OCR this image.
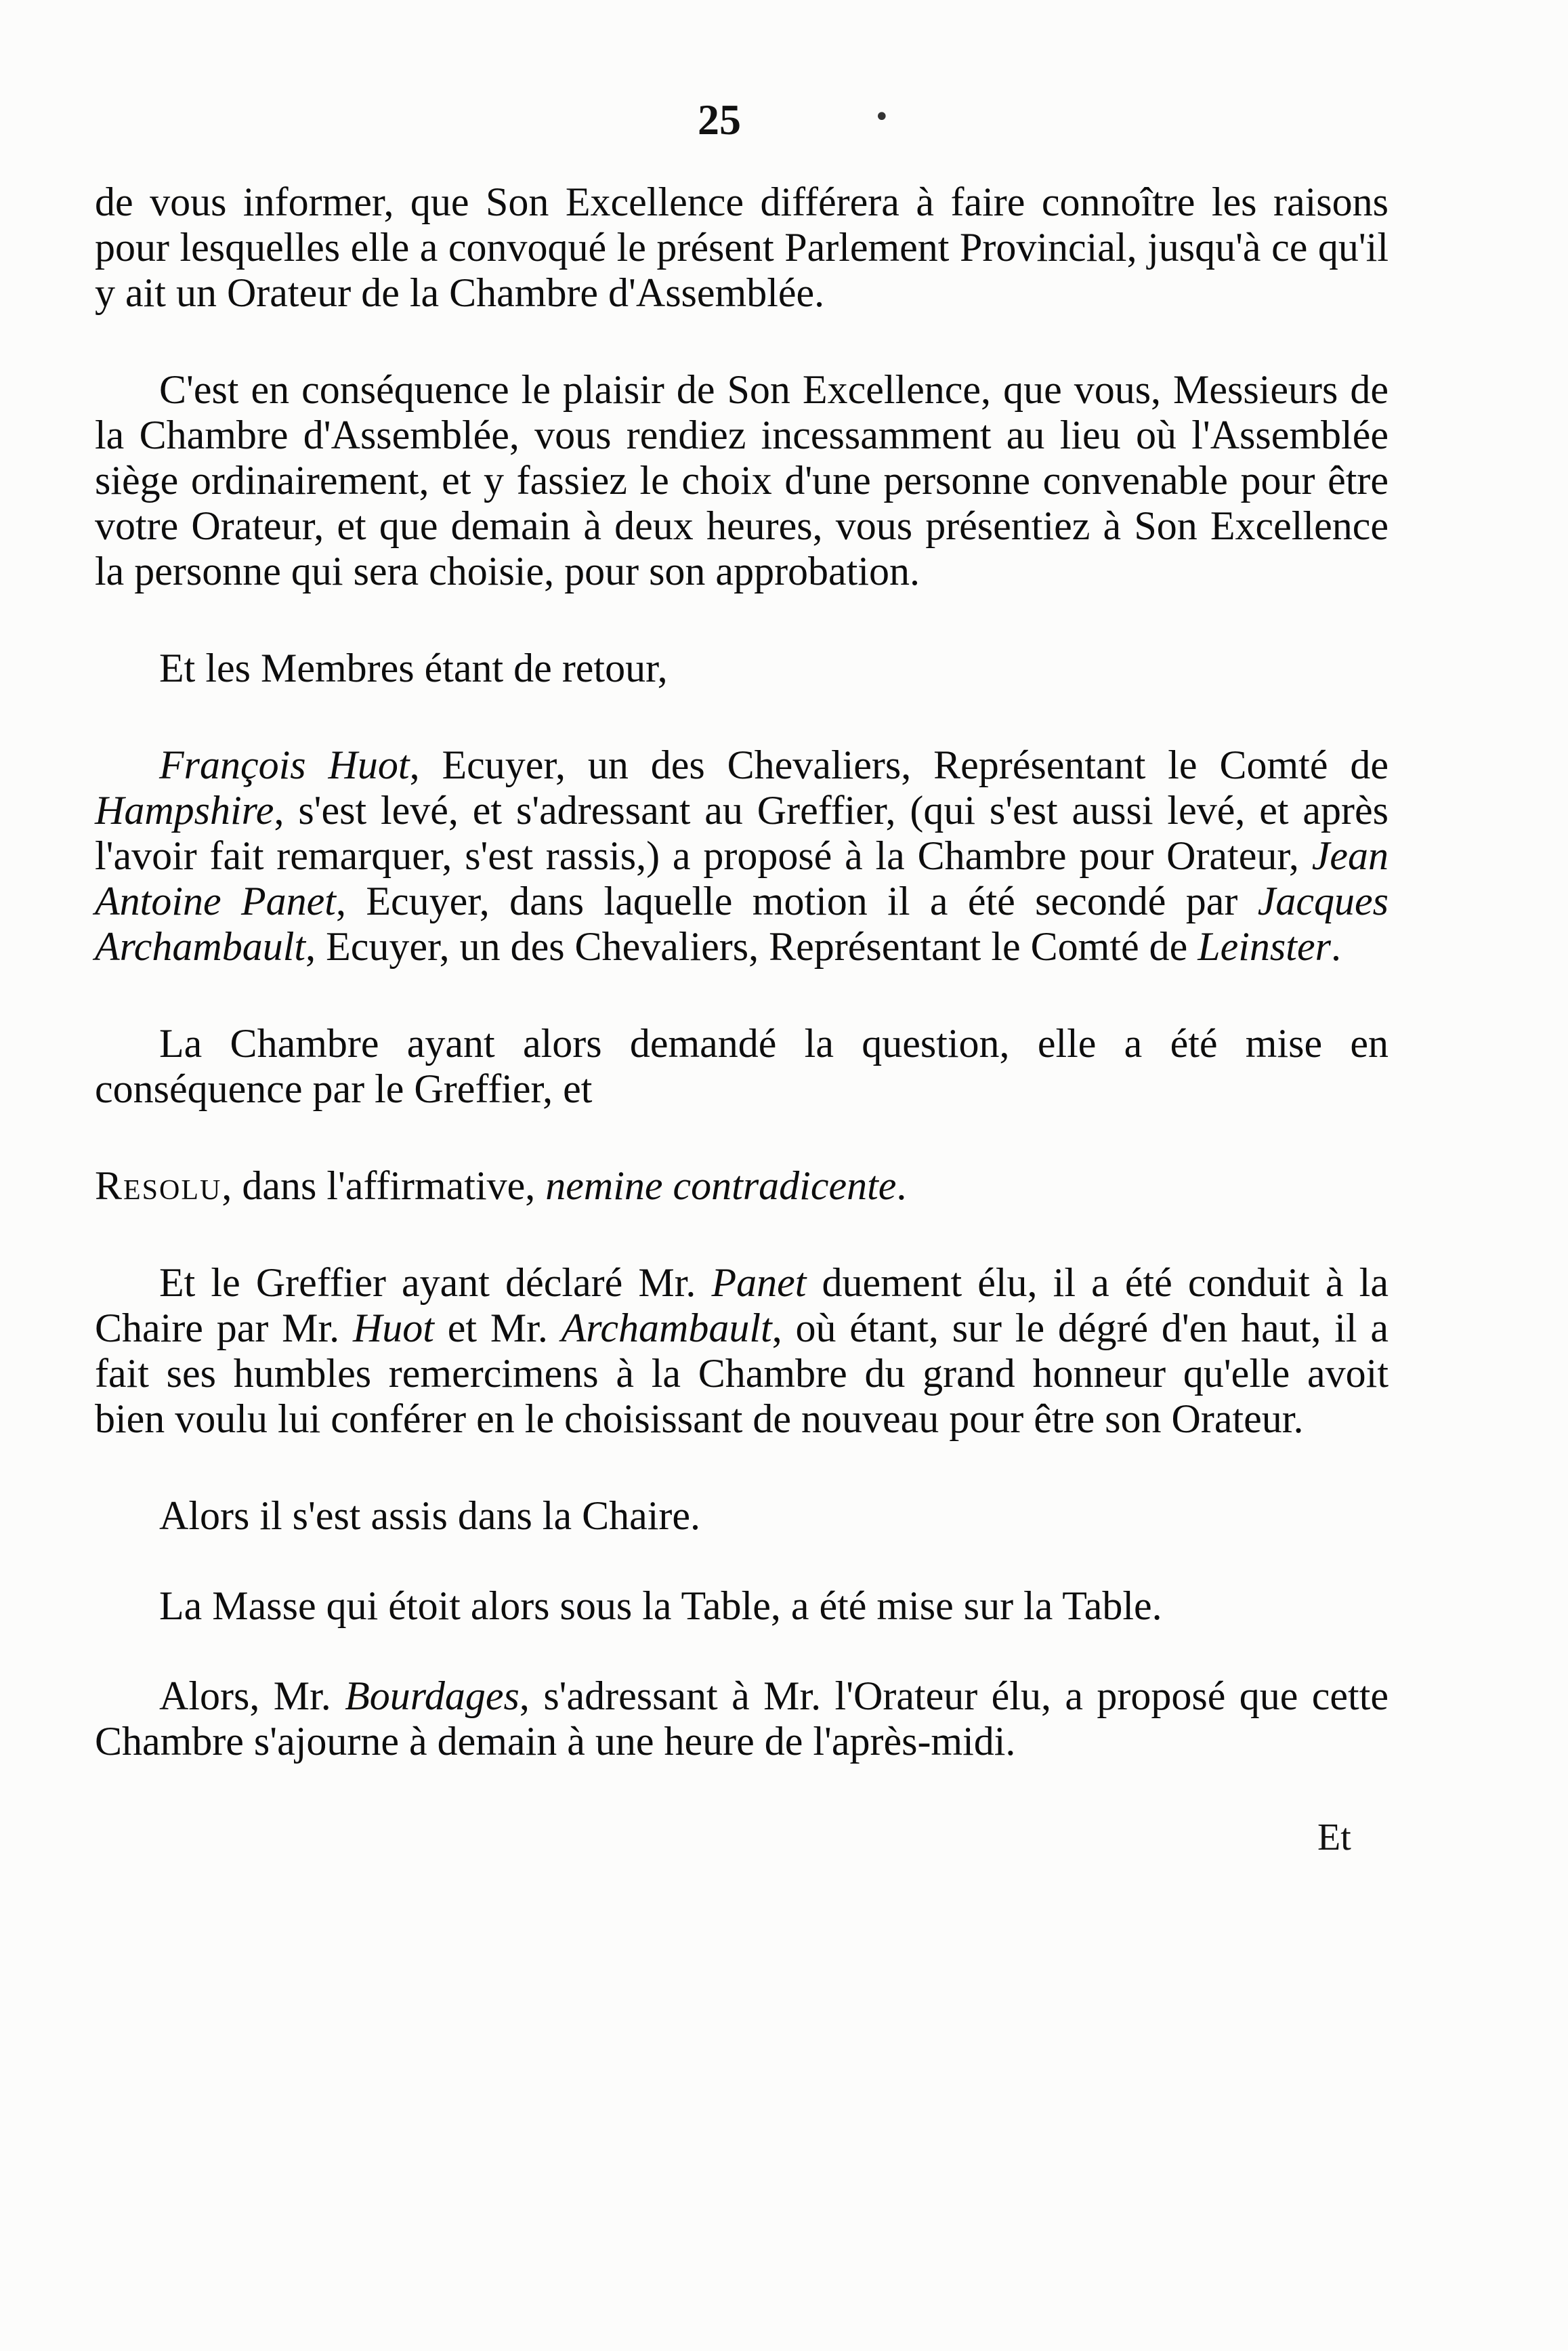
25	•

de vous informer, que Son Excellence différera à faire connoître les raisons pour lesquelles elle a convoqué le présent Parlement Provincial, jusqu'à ce qu'il y ait un Orateur de la Chambre d'Assemblée.

C'est en conséquence le plaisir de Son Excellence, que vous, Messieurs de la Chambre d'Assemblée, vous rendiez incessamment au lieu où l'Assemblée siège ordinairement, et y fassiez le choix d'une personne convenable pour être votre Orateur, et que demain à deux heures, vous présentiez à Son Excellence la personne qui sera choisie, pour son approbation.

Et les Membres étant de retour,

François Huot, Ecuyer, un des Chevaliers, Représentant le Comté de Hampshire, s'est levé, et s'adressant au Greffier, (qui s'est aussi levé, et après l'avoir fait remarquer, s'est rassis,) a proposé à la Chambre pour Orateur, Jean Antoine Panet, Ecuyer, dans laquelle motion il a été secondé par Jacques Archambault, Ecuyer, un des Chevaliers, Représentant le Comté de Leinster.

La Chambre ayant alors demandé la question, elle a été mise en conséquence par le Greffier, et

Resolu, dans l'affirmative, nemine contradicente.

Et le Greffier ayant déclaré Mr. Panet duement élu, il a été conduit à la Chaire par Mr. Huot et Mr. Archambault, où étant, sur le dégré d'en haut, il a fait ses humbles remercimens à la Chambre du grand honneur qu'elle avoit bien voulu lui conférer en le choisissant de nouveau pour être son Orateur.

Alors il s'est assis dans la Chaire.

La Masse qui étoit alors sous la Table, a été mise sur la Table.

Alors, Mr. Bourdages, s'adressant à Mr. l'Orateur élu, a proposé que cette Chambre s'ajourne à demain à une heure de l'après-midi.

Et
